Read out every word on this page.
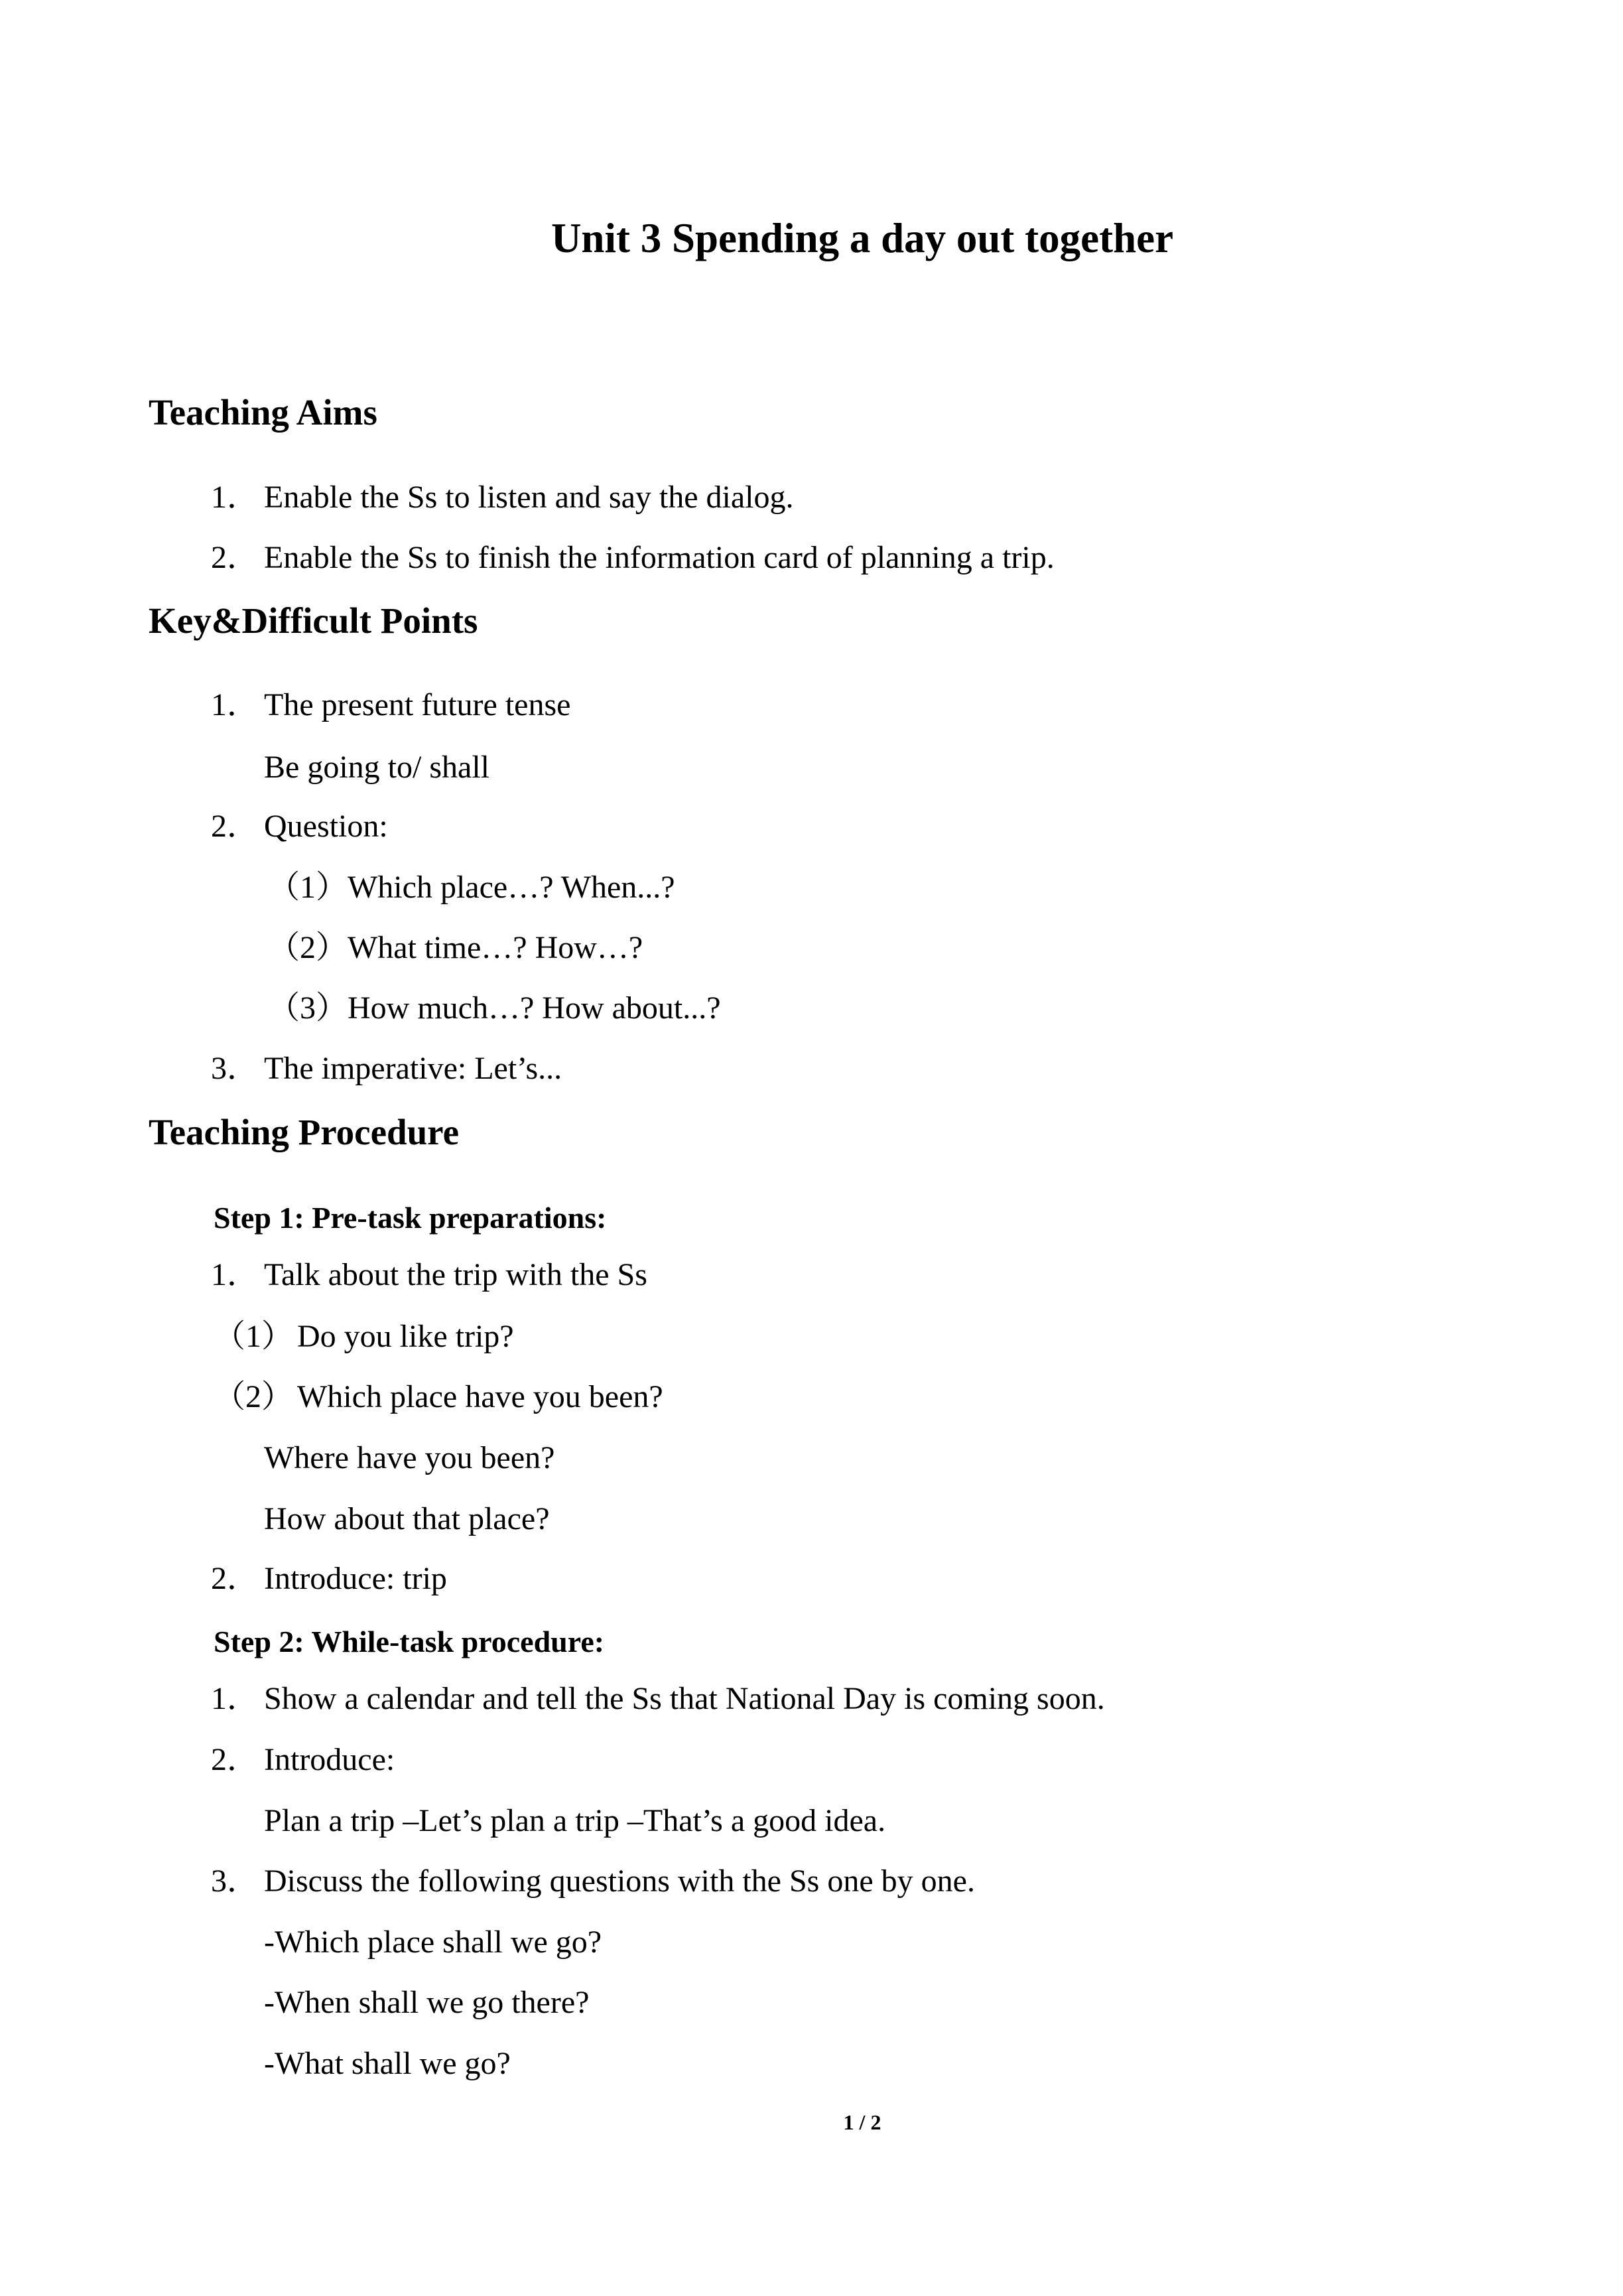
Unit 3 Spending a day out together
Teaching Aims
1． Enable the Ss to listen and say the dialog.
2． Enable the Ss to finish the information card of planning a trip.
Key&Difficult Points
1． The present future tense
Be going to/ shall
2． Question:
（1） Which place…? When...?
（2） What time…? How…?
（3） How much…? How about...?
3． The imperative: Let’s...
Teaching Procedure
Step 1: Pre-task preparations:
1． Talk about the trip with the Ss
（1） Do you like trip?
（2） Which place have you been?
Where have you been?
How about that place?
2． Introduce: trip
Step 2: While-task procedure:
1． Show a calendar and tell the Ss that National Day is coming soon.
2． Introduce:
Plan a trip –Let’s plan a trip –That’s a good idea.
3． Discuss the following questions with the Ss one by one.
-Which place shall we go?
-When shall we go there?
-What shall we go?
1 / 2
